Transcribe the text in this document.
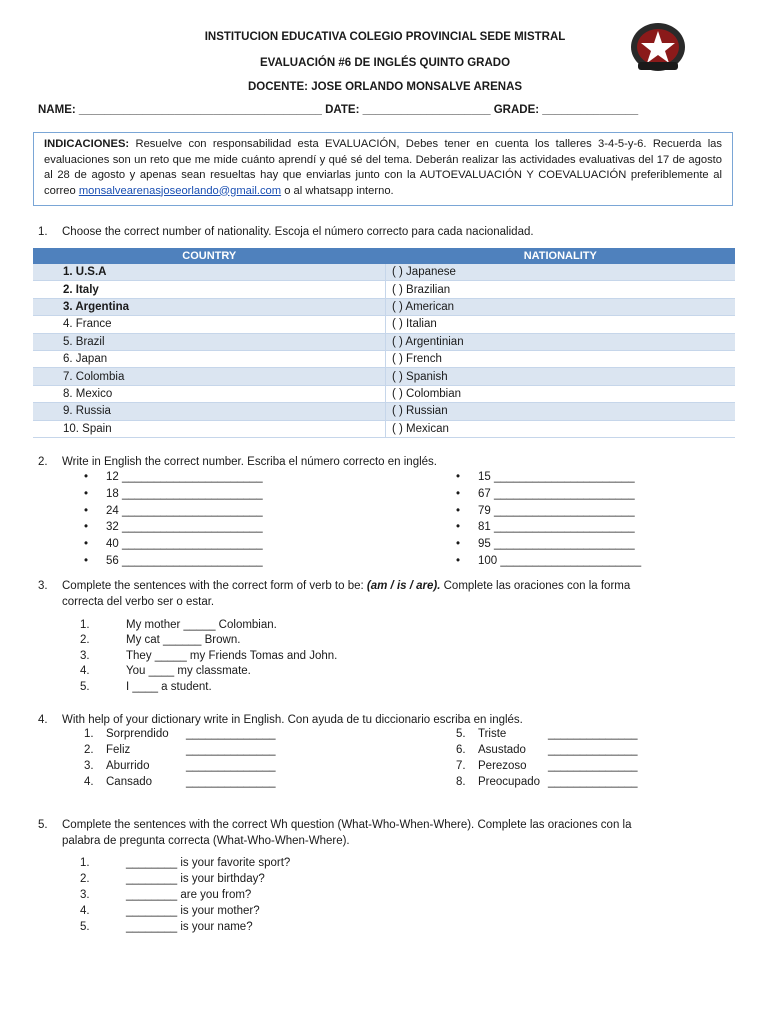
INSTITUCION EDUCATIVA COLEGIO PROVINCIAL SEDE MISTRAL
EVALUACIÓN #6 DE INGLÉS QUINTO GRADO
DOCENTE: JOSE ORLANDO MONSALVE ARENAS
NAME: ______________________________________ DATE: ____________________ GRADE: _______________
INDICACIONES: Resuelve con responsabilidad esta EVALUACIÓN, Debes tener en cuenta los talleres 3-4-5-y-6. Recuerda las evaluaciones son un reto que me mide cuánto aprendí y qué sé del tema. Deberán realizar las actividades evaluativas del 17 de agosto al 28 de agosto y apenas sean resueltas hay que enviarlas junto con la AUTOEVALUACIÓN Y COEVALUACIÓN preferiblemente al correo monsalvearenasjoseorlando@gmail.com o al whatsapp interno.
1. Choose the correct number of nationality. Escoja el número correcto para cada nacionalidad.
COUNTRY	NATIONALITY
1. U.S.A	( ) Japanese
2. Italy	( ) Brazilian
3. Argentina	( ) American
4. France	( ) Italian
5. Brazil	( ) Argentinian
6. Japan	( ) French
7. Colombia	( ) Spanish
8. Mexico	( ) Colombian
9. Russia	( ) Russian
10. Spain	( ) Mexican
2. Write in English the correct number. Escriba el número correcto en inglés.
• 12 ______________________
• 18 ______________________
• 24 ______________________
• 32 ______________________
• 40 ______________________
• 56 ______________________
• 15 ______________________
• 67 ______________________
• 79 ______________________
• 81 ______________________
• 95 ______________________
• 100 ______________________
3. Complete the sentences with the correct form of verb to be: (am / is / are). Complete las oraciones con la forma
correcta del verbo ser o estar.
1.	My mother _____ Colombian.
2.	My cat ______ Brown.
3.	They _____ my Friends Tomas and John.
4.	You ____ my classmate.
5.	I ____ a student.
4. With help of your dictionary write in English. Con ayuda de tu diccionario escriba en inglés.
1. Sorprendido ______________
2. Feliz	______________
3. Aburrido	______________
4. Cansado	______________
5. Triste	______________
6. Asustado ______________
7. Perezoso ______________
8. Preocupado ______________
5. Complete the sentences with the correct Wh question (What-Who-When-Where). Complete las oraciones con la
palabra de pregunta correcta (What-Who-When-Where).
1.	________ is your favorite sport?
2.	________ is your birthday?
3.	________ are you from?
4.	________ is your mother?
5.	________ is your name?
